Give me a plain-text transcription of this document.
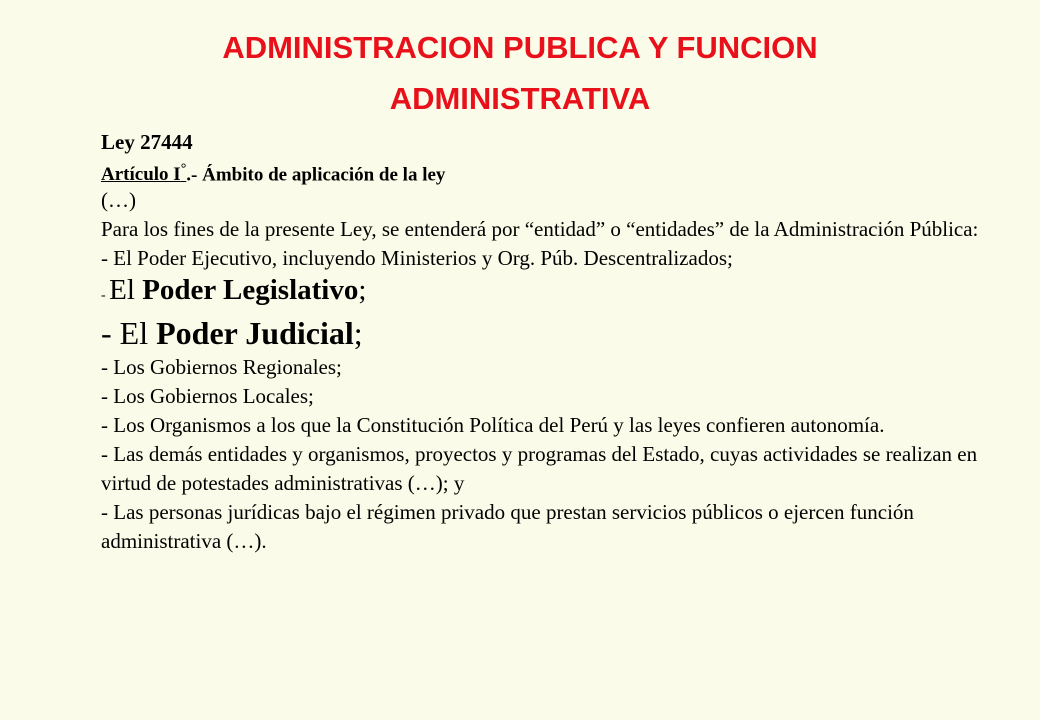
ADMINISTRACION PUBLICA Y FUNCION
ADMINISTRATIVA

Ley 27444

Artículo I°.- Ámbito de aplicación de la ley

(…)

Para los fines de la presente Ley, se entenderá por “entidad” o “entidades” de la Administración Pública:

- El Poder Ejecutivo, incluyendo Ministerios y Org. Púb. Descentralizados;

- El Poder Legislativo;

- El Poder Judicial;

- Los Gobiernos Regionales;

- Los Gobiernos Locales;

- Los Organismos a los que la Constitución Política del Perú y las leyes confieren autonomía.

- Las demás entidades y organismos, proyectos y programas del Estado, cuyas actividades se realizan en virtud de potestades administrativas (…); y

- Las personas jurídicas bajo el régimen privado que prestan servicios públicos o ejercen función administrativa (…).
